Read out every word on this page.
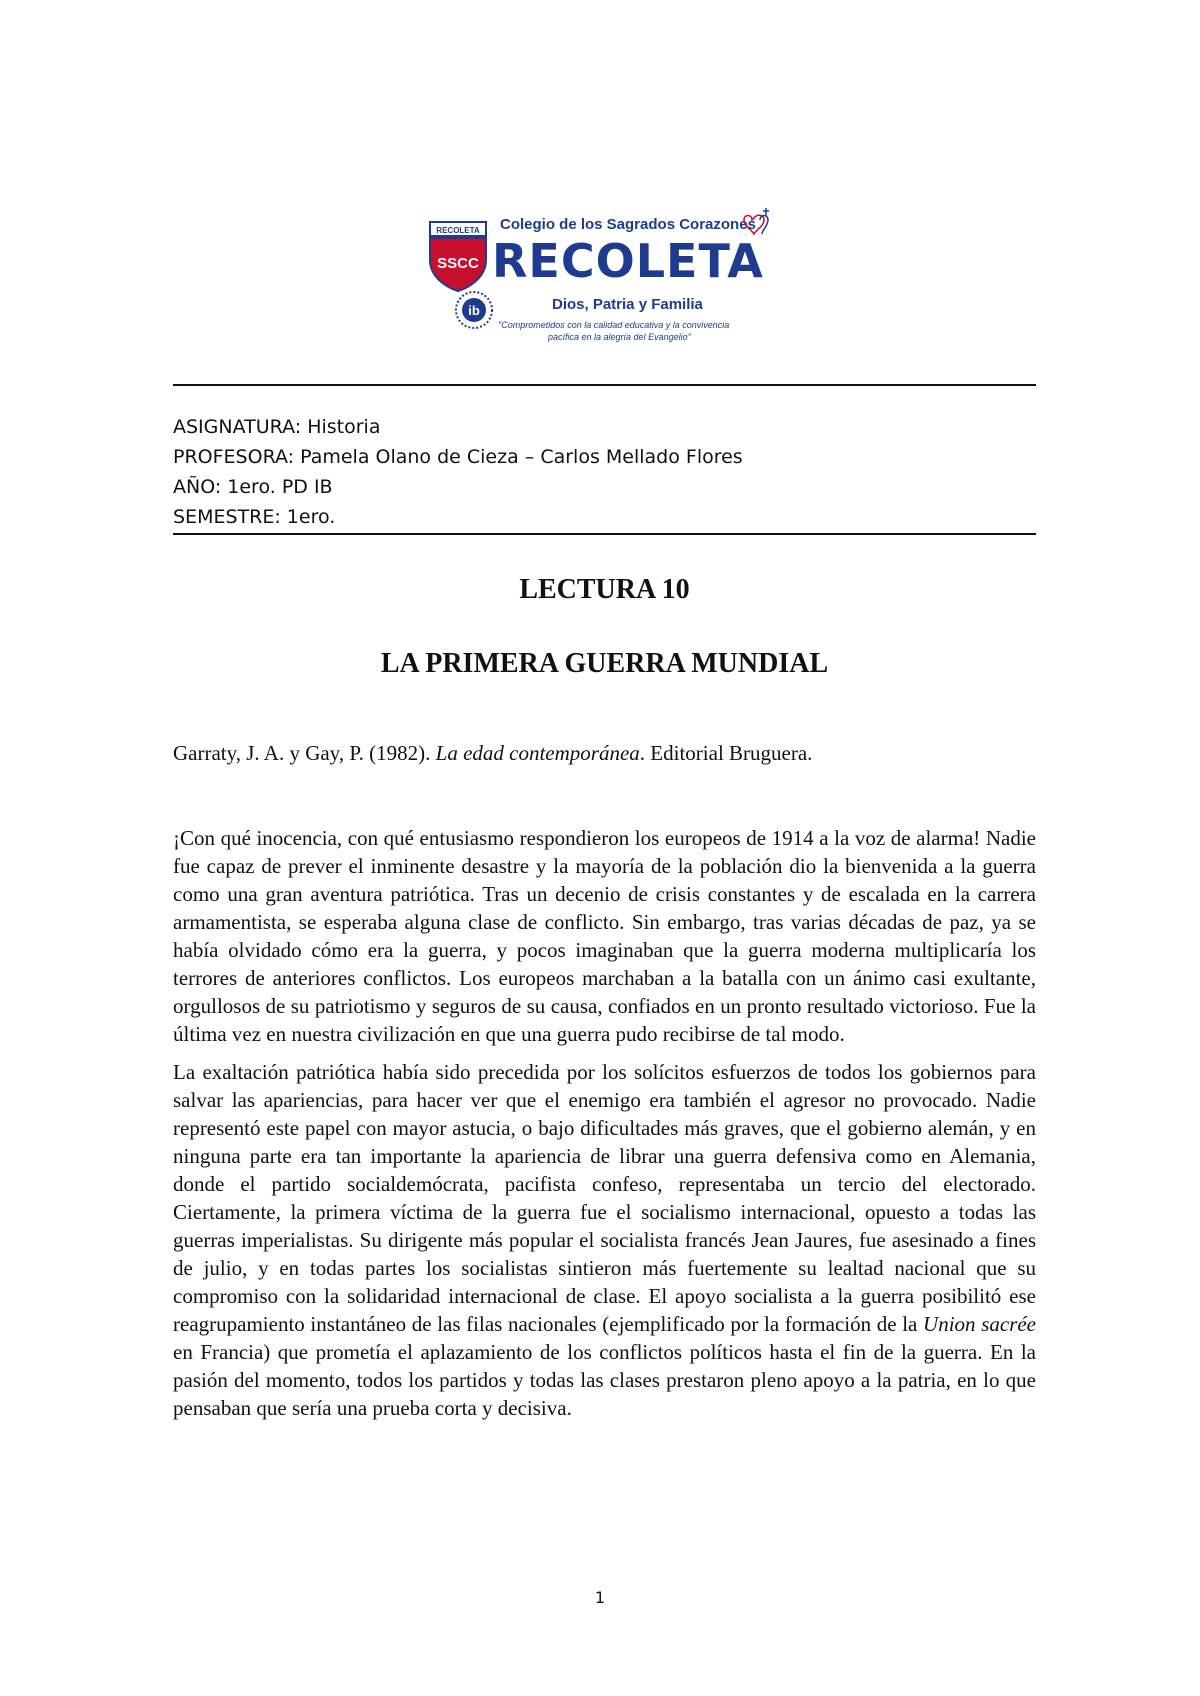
RECOLETA
SSCC
Colegio de los Sagrados Corazones
RECOLETA
ib	Dios, Patria y Familia
"Comprometidos con la calidad educativa y la convivencia
pacífica en la alegría del Evangelio"
ASIGNATURA: Historia
PROFESORA: Pamela Olano de Cieza – Carlos Mellado Flores
AÑO: 1ero. PD IB
SEMESTRE: 1ero.
LECTURA 10
LA PRIMERA GUERRA MUNDIAL
Garraty, J. A. y Gay, P. (1982). La edad contemporánea. Editorial Bruguera.

¡Con qué inocencia, con qué entusiasmo respondieron los europeos de 1914 a la voz de alarma! Nadie fue capaz de prever el inminente desastre y la mayoría de la población dio la bienvenida a la guerra como una gran aventura patriótica. Tras un decenio de crisis constantes y de escalada en la carrera armamentista, se esperaba alguna clase de conflicto. Sin embargo, tras varias décadas de paz, ya se había olvidado cómo era la guerra, y pocos imaginaban que la guerra moderna multiplicaría los terrores de anteriores conflictos. Los europeos marchaban a la batalla con un ánimo casi exultante, orgullosos de su patriotismo y seguros de su causa, confiados en un pronto resultado victorioso. Fue la última vez en nuestra civilización en que una guerra pudo recibirse de tal modo.

La exaltación patriótica había sido precedida por los solícitos esfuerzos de todos los gobiernos para salvar las apariencias, para hacer ver que el enemigo era también el agresor no provocado. Nadie representó este papel con mayor astucia, o bajo dificultades más graves, que el gobierno alemán, y en ninguna parte era tan importante la apariencia de librar una guerra defensiva como en Alemania, donde el partido socialdemócrata, pacifista confeso, representaba un tercio del electorado. Ciertamente, la primera víctima de la guerra fue el socialismo internacional, opuesto a todas las guerras imperialistas. Su dirigente más popular el socialista francés Jean Jaures, fue asesinado a fines de julio, y en todas partes los socialistas sintieron más fuertemente su lealtad nacional que su compromiso con la solidaridad internacional de clase. El apoyo socialista a la guerra posibilitó ese reagrupamiento instantáneo de las filas nacionales (ejemplificado por la formación de la Union sacrée en Francia) que prometía el aplazamiento de los conflictos políticos hasta el fin de la guerra. En la pasión del momento, todos los partidos y todas las clases prestaron pleno apoyo a la patria, en lo que pensaban que sería una prueba corta y decisiva.

1
